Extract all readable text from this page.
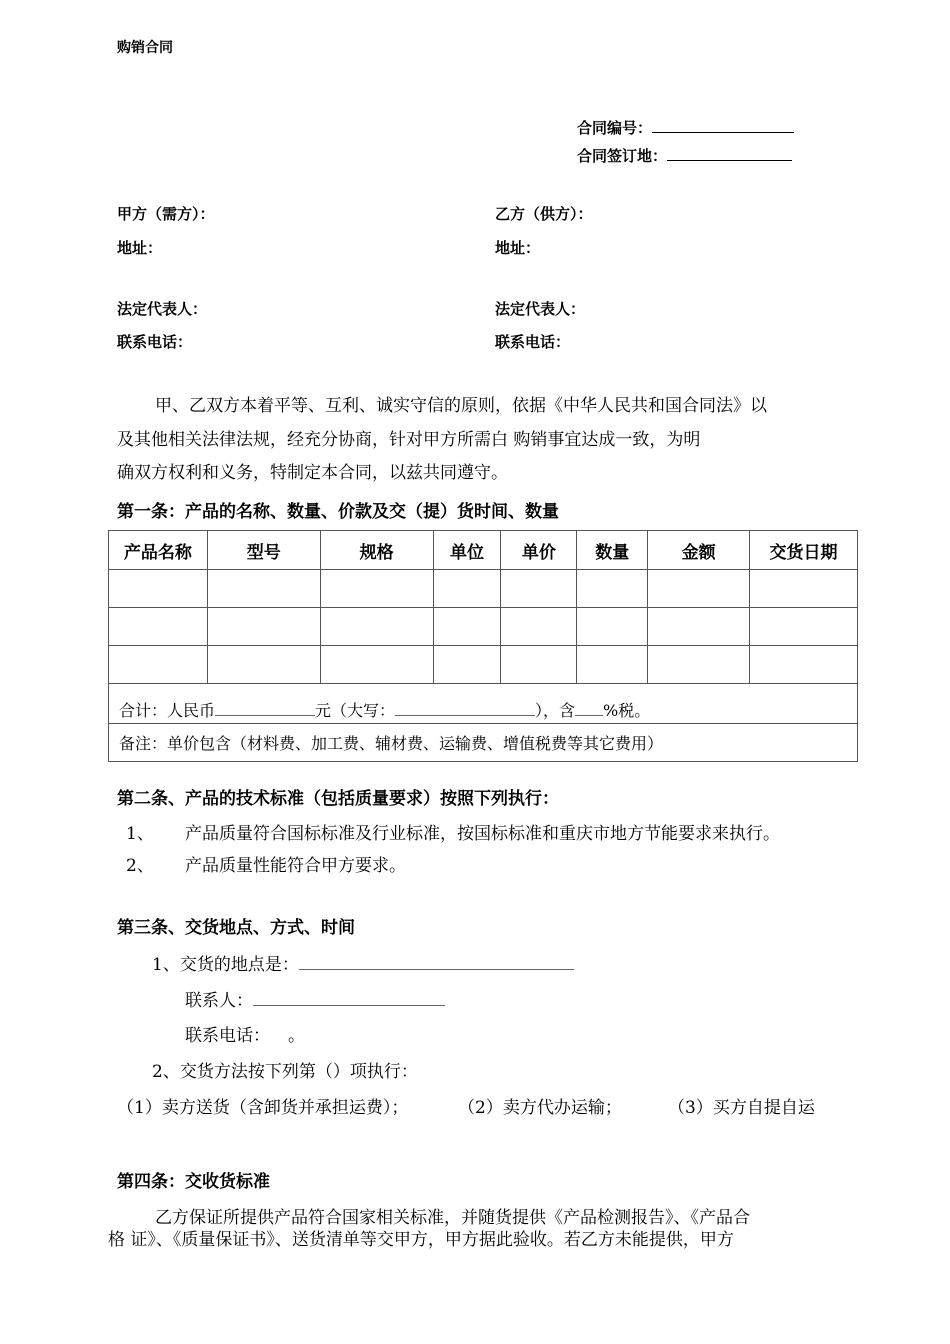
购销合同
合同编号：
合同签订地：
甲方（需方）：
地址：
法定代表人：
联系电话：
乙方（供方）：
地址：
法定代表人：
联系电话：
甲、乙双方本着平等、互利、诚实守信的原则，依据《中华人民共和国合同法》以
及其他相关法律法规，经充分协商，针对甲方所需白 购销事宜达成一致，为明
确双方权利和义务，特制定本合同，以兹共同遵守。
第一条：产品的名称、数量、价款及交（提）货时间、数量
产品名称	型号	规格	单位	单价	数量	金额	交货日期

合计：人民币 元（大写： ），含 %税。							
备注：单价包含（材料费、加工费、辅材费、运输费、增值税费等其它费用）							
第二条、产品的技术标准（包括质量要求）按照下列执行：
1、 产品质量符合国标标准及行业标准，按国标标准和重庆市地方节能要求来执行。
2、 产品质量性能符合甲方要求。
第三条、交货地点、方式、时间
1、交货的地点是：
联系人：
联系电话： 。
2、交货方法按下列第（）项执行：
（1）卖方送货（含卸货并承担运费）；	（2）卖方代办运输；	（3）买方自提自运
第四条：交收货标准
乙方保证所提供产品符合国家相关标准，并随货提供《产品检测报告》、《产品合
格 证》、《质量保证书》、送货清单等交甲方，甲方据此验收。若乙方未能提供，甲方
